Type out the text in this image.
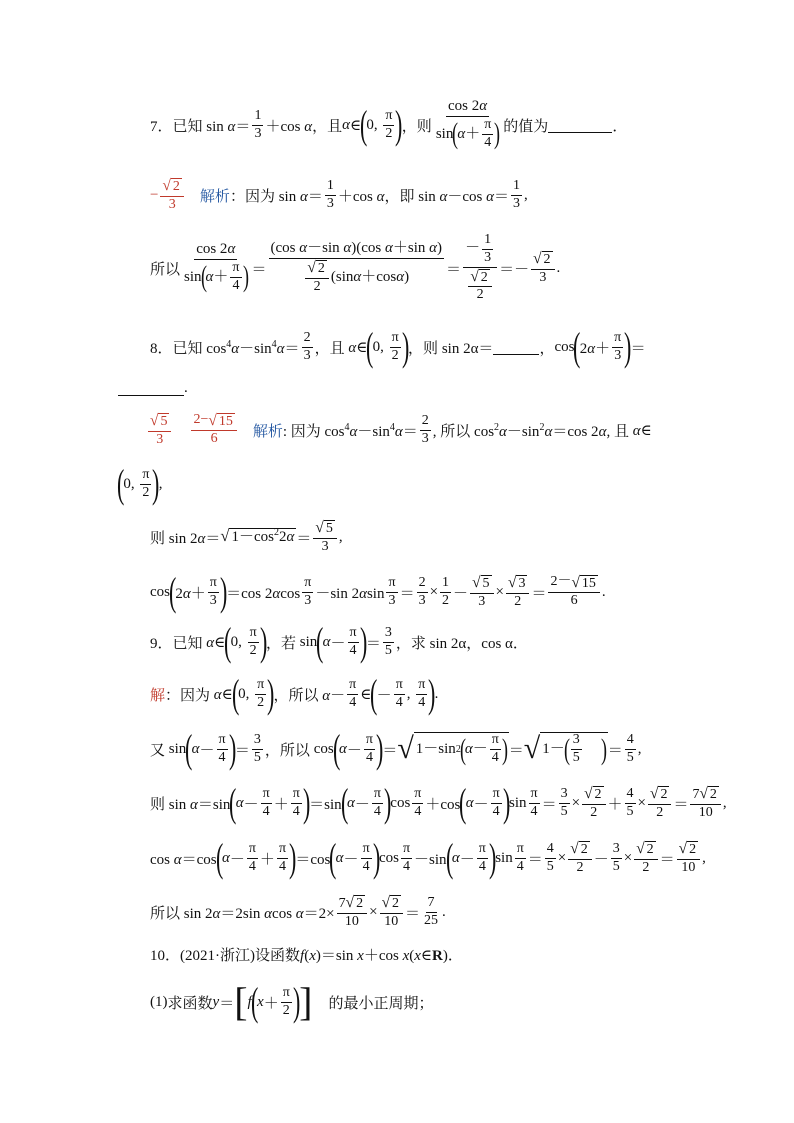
7． 已知 $\sin \alpha= \frac{1}{3} +\cos$ α ，且 α ∈
(
0, $\frac{\pi}{2}$ )
，则 $\frac{\cos 2\alpha}{\sin ( \alpha + \frac{\pi}{4} )}$ 的值为	．
− $\frac{√ 2}{3}$ 解析 ：因为 $\sin \alpha= \frac{1}{3} +\cos$ α ，即 sin α－cos $\alpha= \frac{1}{3}$ ,
所以 $\frac{\cos 2\alpha}{\sin ( \alpha + \frac{\pi}{4} )} = \frac{\text{(cos α－sin α)(cos α＋sin α)}}{\frac{√ 2}{2} (\sin \alpha +\cos \alpha )} = \frac{- \frac{1}{3}}{\frac{√ 2}{2}} =- \frac{√ 2}{3}$ .
8． 已知 $\cos^4\alpha-\sin^4\alpha= \frac{2}{3}$ ，且 α∈
(
0, $\frac{\pi}{2}$ )
，则
sin 2α＝	， cos
(
$2\alpha+ \frac{\pi}{3}$ )
＝
.
$\frac{√ 5}{3} \frac{2- √ 15}{6}$ 解析 : 因为 $\cos^4\alpha-\sin^4\alpha= \frac{2}{3}$ , 所以 $\cos^2\alpha-\sin^2\alpha=\cos$ 2α , 且 α∈
(
0, $\frac{\pi}{2}$ )
,
则 sin 2α＝ √ $1-\cos^22\alpha = \frac{√ 5}{3}$ ,
cos
(
$2\alpha+ \frac{\pi}{3}$ )
＝cos $2\alpha\cos \frac{\pi}{3} -\sin$ $2\alpha\sin \frac{\pi}{3} = \frac{2}{3} \times \frac{1}{2} - \frac{√ 5}{3} \times \frac{√ 3}{2} = \frac{2- √ 15}{6}$ .
9． 已知 α∈
(
0, $\frac{\pi}{2}$ )
，若 sin
(
$\alpha - \frac{\pi}{4}$ )
＝ $\frac{3}{5}$ ，求 sin 2α，cos α．
解 ：因为 α∈
(
0, $\frac{\pi}{2}$ )
，所以 $\alpha- \frac{\pi}{4}$ ∈
(
－ $\frac{\pi}{4}$ , $\frac{\pi}{4}$ )
.
又 sin
(
$\alpha - \frac{\pi}{4}$ )
＝ $\frac{3}{5}$ ，所以 cos
(
$\alpha - \frac{\pi}{4}$ )
＝ √ 1－sin 2 ( $\alpha - \frac{\pi}{4}$ ) ＝ √ 1－ ( $\frac{3}{5}$ ) ＝ $\frac{4}{5}$ ,
则 sin α＝sin
(
$\alpha - \frac{\pi}{4} + \frac{\pi}{4}$ )
＝sin
(
$\alpha - \frac{\pi}{4}$ )
$\cos \frac{\pi}{4} +\cos$
(
$\alpha - \frac{\pi}{4}$ )
$\sin \frac{\pi}{4} = \frac{3}{5} \times \frac{√ 2}{2} + \frac{4}{5} \times \frac{√ 2}{2} = \frac{7 √ 2}{10}$ ,
cos α＝cos
(
$\alpha - \frac{\pi}{4} + \frac{\pi}{4}$ )
＝cos
(
$\alpha - \frac{\pi}{4}$ )
$\cos \frac{\pi}{4} -\sin$
(
$\alpha - \frac{\pi}{4}$ )
$\sin \frac{\pi}{4} = \frac{4}{5} \times \frac{√ 2}{2} - \frac{3}{5} \times \frac{√ 2}{2} = \frac{√ 2}{10}$ ,
所以 sin 2α＝2sin αcos $\alpha=2\times \frac{7 √ 2}{10} \times \frac{√ 2}{10} = \frac{7}{25}$ .
10． (2021·浙江) 设函数 f(x)＝sin x＋cos x(x∈R)．
(1) 求函数 y ＝ [ f
(
$x + \frac{\pi}{2}$ )
] 的最小正周期；
